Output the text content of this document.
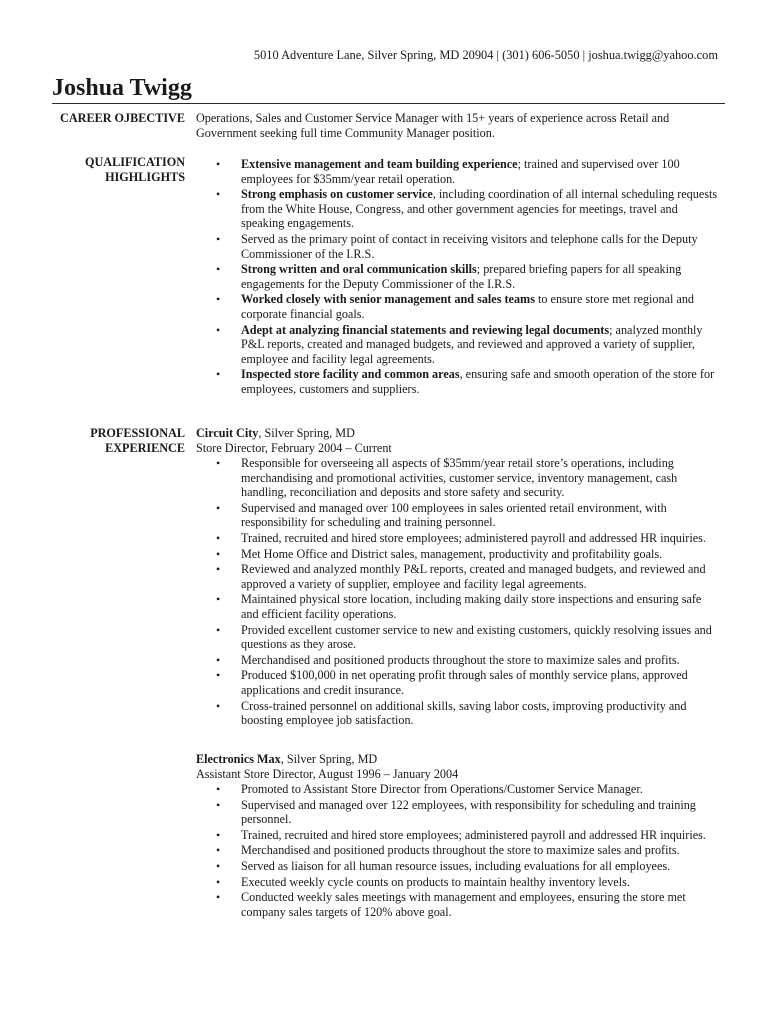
5010 Adventure Lane, Silver Spring, MD 20904 | (301) 606-5050 | joshua.twigg@yahoo.com
Joshua Twigg
CAREER OJBECTIVE Operations, Sales and Customer Service Manager with 15+ years of experience across Retail and Government seeking full time Community Manager position.

QUALIFICATION
HIGHLIGHTS
• Extensive management and team building experience; trained and supervised over 100 employees for $35mm/year retail operation.
• Strong emphasis on customer service, including coordination of all internal scheduling requests from the White House, Congress, and other government agencies for meetings, travel and speaking engagements.
• Served as the primary point of contact in receiving visitors and telephone calls for the Deputy Commissioner of the I.R.S.
• Strong written and oral communication skills; prepared briefing papers for all speaking engagements for the Deputy Commissioner of the I.R.S.
• Worked closely with senior management and sales teams to ensure store met regional and corporate financial goals.
• Adept at analyzing financial statements and reviewing legal documents; analyzed monthly P&L reports, created and managed budgets, and reviewed and approved a variety of supplier, employee and facility legal agreements.
• Inspected store facility and common areas, ensuring safe and smooth operation of the store for employees, customers and suppliers.
PROFESSIONAL
EXPERIENCE
Circuit City, Silver Spring, MD
Store Director, February 2004 – Current
• Responsible for overseeing all aspects of $35mm/year retail store’s operations, including merchandising and promotional activities, customer service, inventory management, cash handling, reconciliation and deposits and store safety and security.
• Supervised and managed over 100 employees in sales oriented retail environment, with responsibility for scheduling and training personnel.
• Trained, recruited and hired store employees; administered payroll and addressed HR inquiries.
• Met Home Office and District sales, management, productivity and profitability goals.
• Reviewed and analyzed monthly P&L reports, created and managed budgets, and reviewed and approved a variety of supplier, employee and facility legal agreements.
• Maintained physical store location, including making daily store inspections and ensuring safe and efficient facility operations.
• Provided excellent customer service to new and existing customers, quickly resolving issues and questions as they arose.
• Merchandised and positioned products throughout the store to maximize sales and profits.
• Produced $100,000 in net operating profit through sales of monthly service plans, approved applications and credit insurance.
• Cross-trained personnel on additional skills, saving labor costs, improving productivity and boosting employee job satisfaction.
Electronics Max, Silver Spring, MD
Assistant Store Director, August 1996 – January 2004
• Promoted to Assistant Store Director from Operations/Customer Service Manager.
• Supervised and managed over 122 employees, with responsibility for scheduling and training personnel.
• Trained, recruited and hired store employees; administered payroll and addressed HR inquiries.
• Merchandised and positioned products throughout the store to maximize sales and profits.
• Served as liaison for all human resource issues, including evaluations for all employees.
• Executed weekly cycle counts on products to maintain healthy inventory levels.
• Conducted weekly sales meetings with management and employees, ensuring the store met company sales targets of 120% above goal.
